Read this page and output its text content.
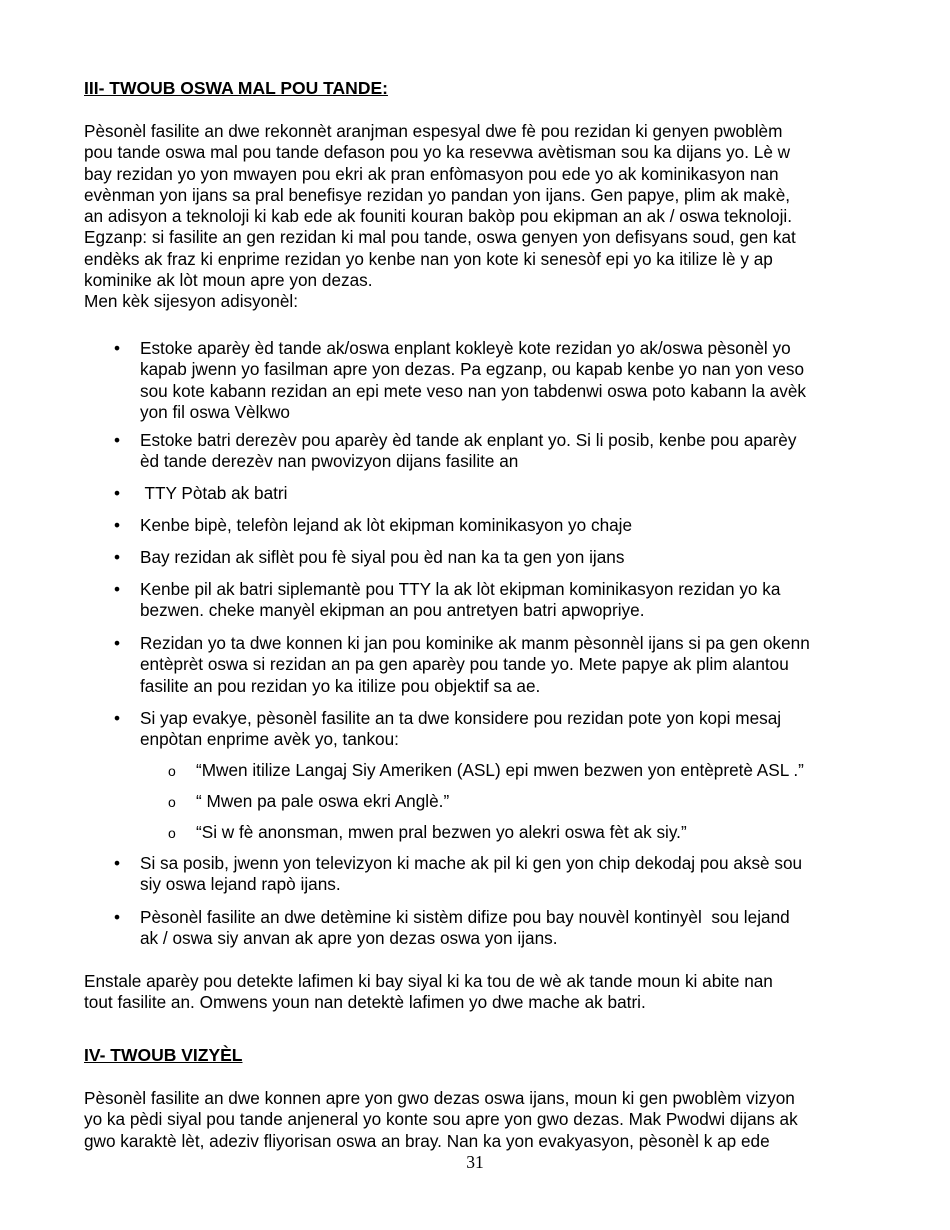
III- TWOUB OSWA MAL POU TANDE:
Pèsonèl fasilite an dwe rekonnèt aranjman espesyal dwe fè pou rezidan ki genyen pwoblèm
pou tande oswa mal pou tande defason pou yo ka resevwa avètisman sou ka dijans yo. Lè w
bay rezidan yo yon mwayen pou ekri ak pran enfòmasyon pou ede yo ak kominikasyon nan
evènman yon ijans sa pral benefisye rezidan yo pandan yon ijans. Gen papye, plim ak makè,
an adisyon a teknoloji ki kab ede ak founiti kouran bakòp pou ekipman an ak / oswa teknoloji.
Egzanp: si fasilite an gen rezidan ki mal pou tande, oswa genyen yon defisyans soud, gen kat
endèks ak fraz ki enprime rezidan yo kenbe nan yon kote ki senesòf epi yo ka itilize lè y ap
kominike ak lòt moun apre yon dezas.
Men kèk sijesyon adisyonèl:
• Estoke aparèy èd tande ak/oswa enplant kokleyè kote rezidan yo ak/oswa pèsonèl yo
kapab jwenn yo fasilman apre yon dezas. Pa egzanp, ou kapab kenbe yo nan yon veso
sou kote kabann rezidan an epi mete veso nan yon tabdenwi oswa poto kabann la avèk
yon fil oswa Vèlkwo
• Estoke batri derezèv pou aparèy èd tande ak enplant yo. Si li posib, kenbe pou aparèy
èd tande derezèv nan pwovizyon dijans fasilite an
• TTY Pòtab ak batri
• Kenbe bipè, telefòn lejand ak lòt ekipman kominikasyon yo chaje
• Bay rezidan ak siflèt pou fè siyal pou èd nan ka ta gen yon ijans
• Kenbe pil ak batri siplemantè pou TTY la ak lòt ekipman kominikasyon rezidan yo ka
bezwen. cheke manyèl ekipman an pou antretyen batri apwopriye.
• Rezidan yo ta dwe konnen ki jan pou kominike ak manm pèsonnèl ijans si pa gen okenn
entèprèt oswa si rezidan an pa gen aparèy pou tande yo. Mete papye ak plim alantou
fasilite an pou rezidan yo ka itilize pou objektif sa ae.
• Si yap evakye, pèsonèl fasilite an ta dwe konsidere pou rezidan pote yon kopi mesaj
enpòtan enprime avèk yo, tankou:
o “Mwen itilize Langaj Siy Ameriken (ASL) epi mwen bezwen yon entèpretè ASL .”
o “ Mwen pa pale oswa ekri Anglè.”
o “Si w fè anonsman, mwen pral bezwen yo alekri oswa fèt ak siy.”
• Si sa posib, jwenn yon televizyon ki mache ak pil ki gen yon chip dekodaj pou aksè sou
siy oswa lejand rapò ijans.
• Pèsonèl fasilite an dwe detèmine ki sistèm difize pou bay nouvèl kontinyèl  sou lejand
ak / oswa siy anvan ak apre yon dezas oswa yon ijans.
Enstale aparèy pou detekte lafimen ki bay siyal ki ka tou de wè ak tande moun ki abite nan
tout fasilite an. Omwens youn nan detektè lafimen yo dwe mache ak batri.
IV- TWOUB VIZYÈL
Pèsonèl fasilite an dwe konnen apre yon gwo dezas oswa ijans, moun ki gen pwoblèm vizyon
yo ka pèdi siyal pou tande anjeneral yo konte sou apre yon gwo dezas. Mak Pwodwi dijans ak
gwo karaktè lèt, adeziv fliyorisan oswa an bray. Nan ka yon evakyasyon, pèsonèl k ap ede
31
